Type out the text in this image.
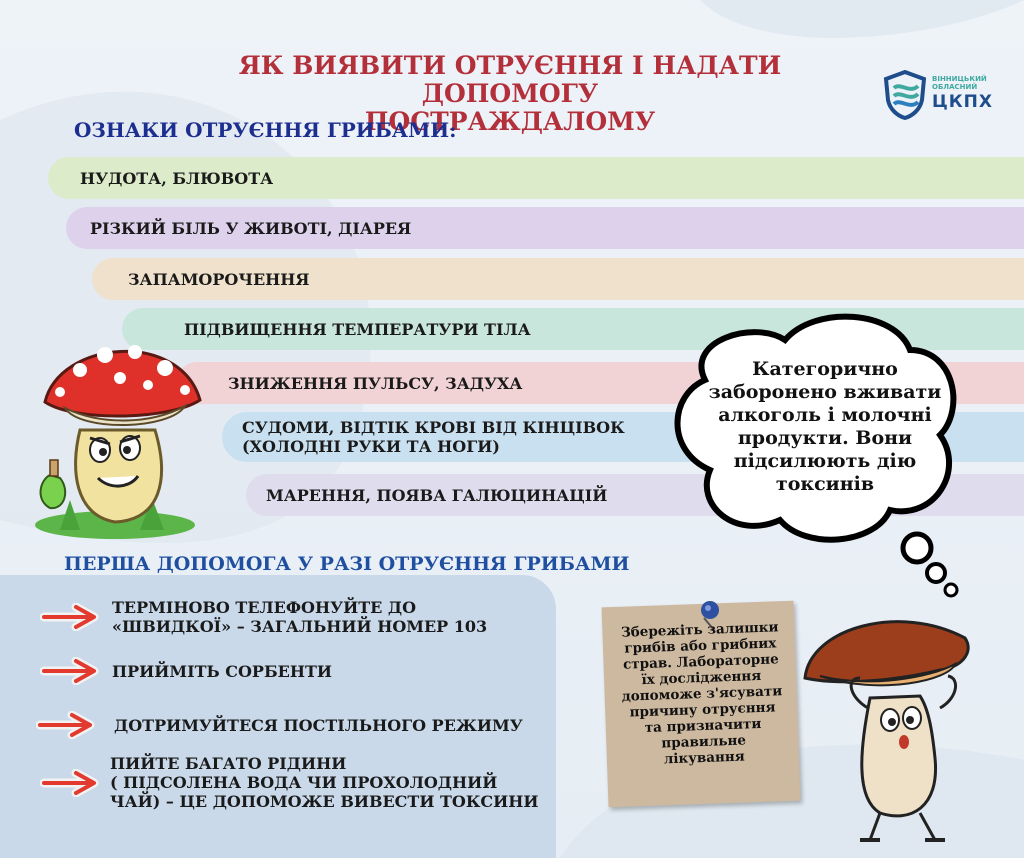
ЯК ВИЯВИТИ ОТРУЄННЯ І НАДАТИ ДОПОМОГУ
ПОСТРАЖДАЛОМУ
ВІННИЦЬКИЙ
ОБЛАСНИЙ
ЦКПХ
ОЗНАКИ ОТРУЄННЯ ГРИБАМИ:
НУДОТА, БЛЮВОТА
РІЗКИЙ БІЛЬ У ЖИВОТІ, ДІАРЕЯ
ЗАПАМОРОЧЕННЯ
ПІДВИЩЕННЯ ТЕМПЕРАТУРИ ТІЛА
ЗНИЖЕННЯ ПУЛЬСУ, ЗАДУХА
СУДОМИ, ВІДТІК КРОВІ ВІД КІНЦІВОК
(ХОЛОДНІ РУКИ ТА НОГИ)
МАРЕННЯ, ПОЯВА ГАЛЮЦИНАЦІЙ
ПЕРША ДОПОМОГА У РАЗІ ОТРУЄННЯ ГРИБАМИ
ТЕРМІНОВО ТЕЛЕФОНУЙТЕ ДО
«ШВИДКОЇ» – ЗАГАЛЬНИЙ НОМЕР 103
ПРИЙМІТЬ СОРБЕНТИ
ДОТРИМУЙТЕСЯ ПОСТІЛЬНОГО РЕЖИМУ
ПИЙТЕ БАГАТО РІДИНИ
( ПІДСОЛЕНА ВОДА ЧИ ПРОХОЛОДНИЙ
ЧАЙ) – ЦЕ ДОПОМОЖЕ ВИВЕСТИ ТОКСИНИ
Категорично
заборонено вживати
алкоголь і молочні
продукти. Вони
підсилюють дію
токсинів
Збережіть залишки
грибів або грибних
страв. Лабораторне
їх дослідження
допоможе з'ясувати
причину отруєння
та призначити
правильне
лікування
